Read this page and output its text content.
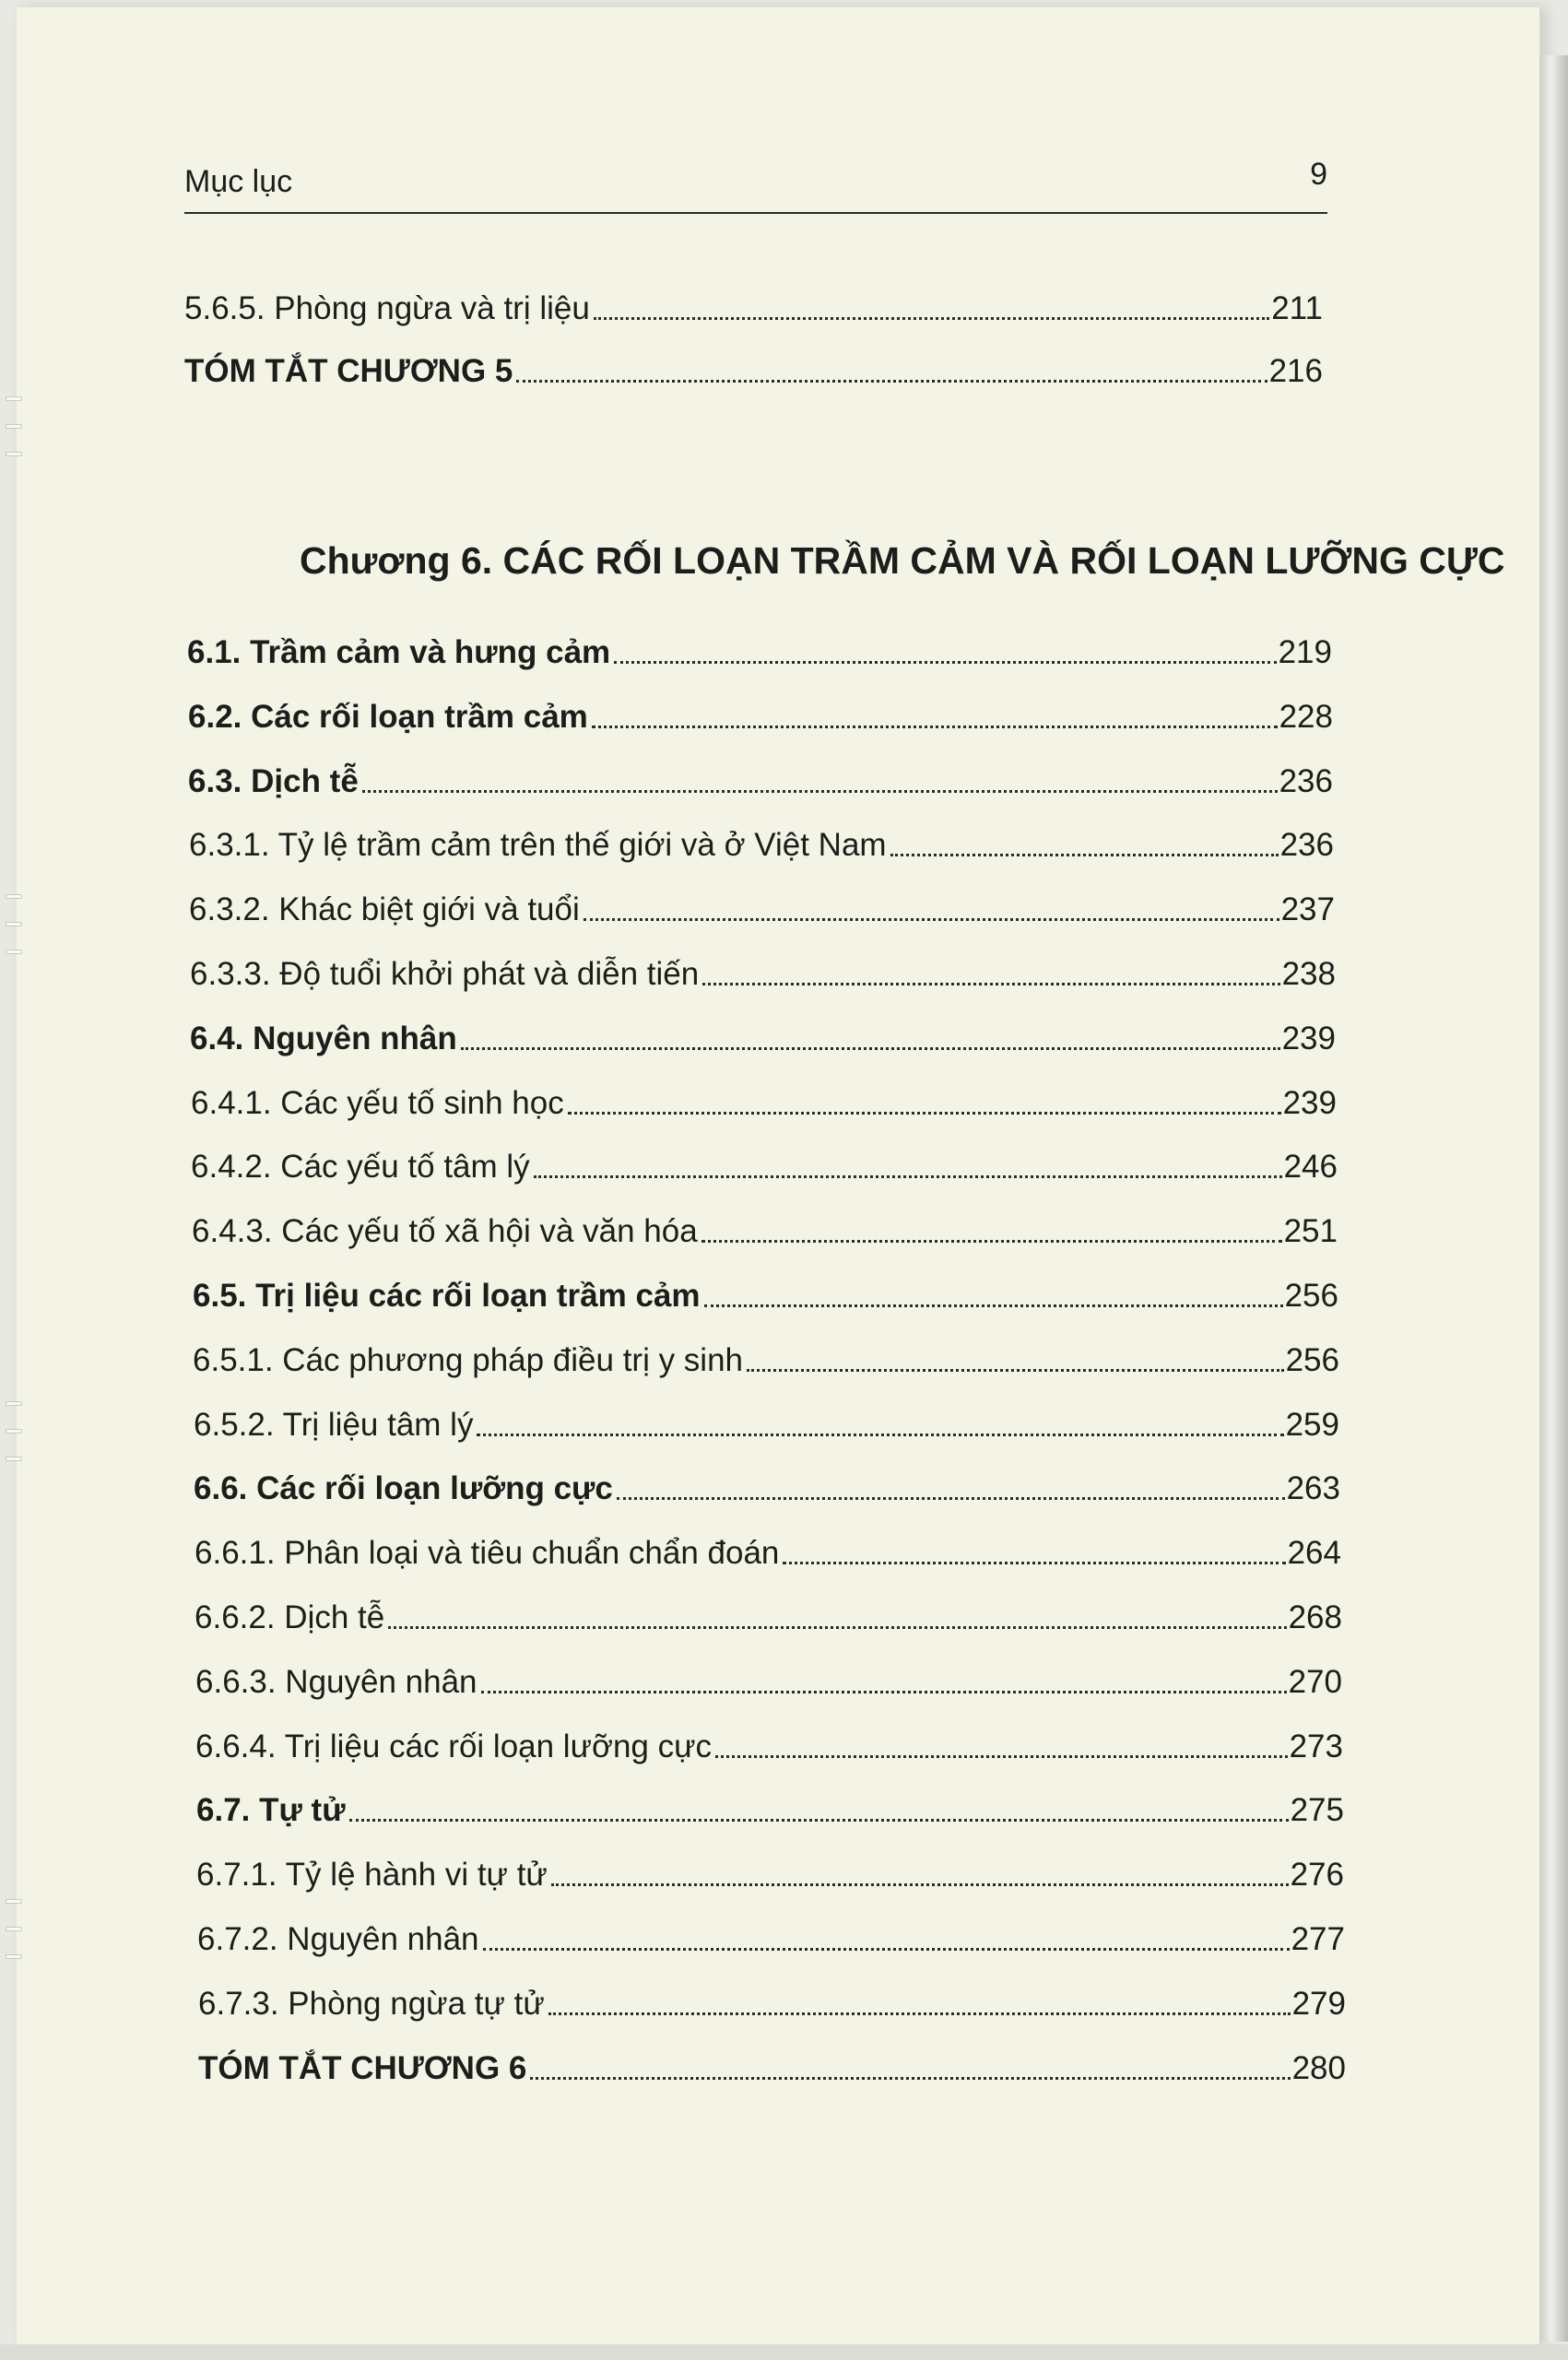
Mục lục	9
Chương 6. CÁC RỐI LOẠN TRẦM CẢM VÀ RỐI LOẠN LƯỠNG CỰC
5.6.5. Phòng ngừa và trị liệu	211
TÓM TẮT CHƯƠNG 5	216
6.1. Trầm cảm và hưng cảm	219
6.2. Các rối loạn trầm cảm	228
6.3. Dịch tễ	236
6.3.1. Tỷ lệ trầm cảm trên thế giới và ở Việt Nam	236
6.3.2. Khác biệt giới và tuổi	237
6.3.3. Độ tuổi khởi phát và diễn tiến	238
6.4. Nguyên nhân	239
6.4.1. Các yếu tố sinh học	239
6.4.2. Các yếu tố tâm lý	246
6.4.3. Các yếu tố xã hội và văn hóa	251
6.5. Trị liệu các rối loạn trầm cảm	256
6.5.1. Các phương pháp điều trị y sinh	256
6.5.2. Trị liệu tâm lý	259
6.6. Các rối loạn lưỡng cực	263
6.6.1. Phân loại và tiêu chuẩn chẩn đoán	264
6.6.2. Dịch tễ	268
6.6.3. Nguyên nhân	270
6.6.4. Trị liệu các rối loạn lưỡng cực	273
6.7. Tự tử	275
6.7.1. Tỷ lệ hành vi tự tử	276
6.7.2. Nguyên nhân	277
6.7.3. Phòng ngừa tự tử	279
TÓM TẮT CHƯƠNG 6	280
